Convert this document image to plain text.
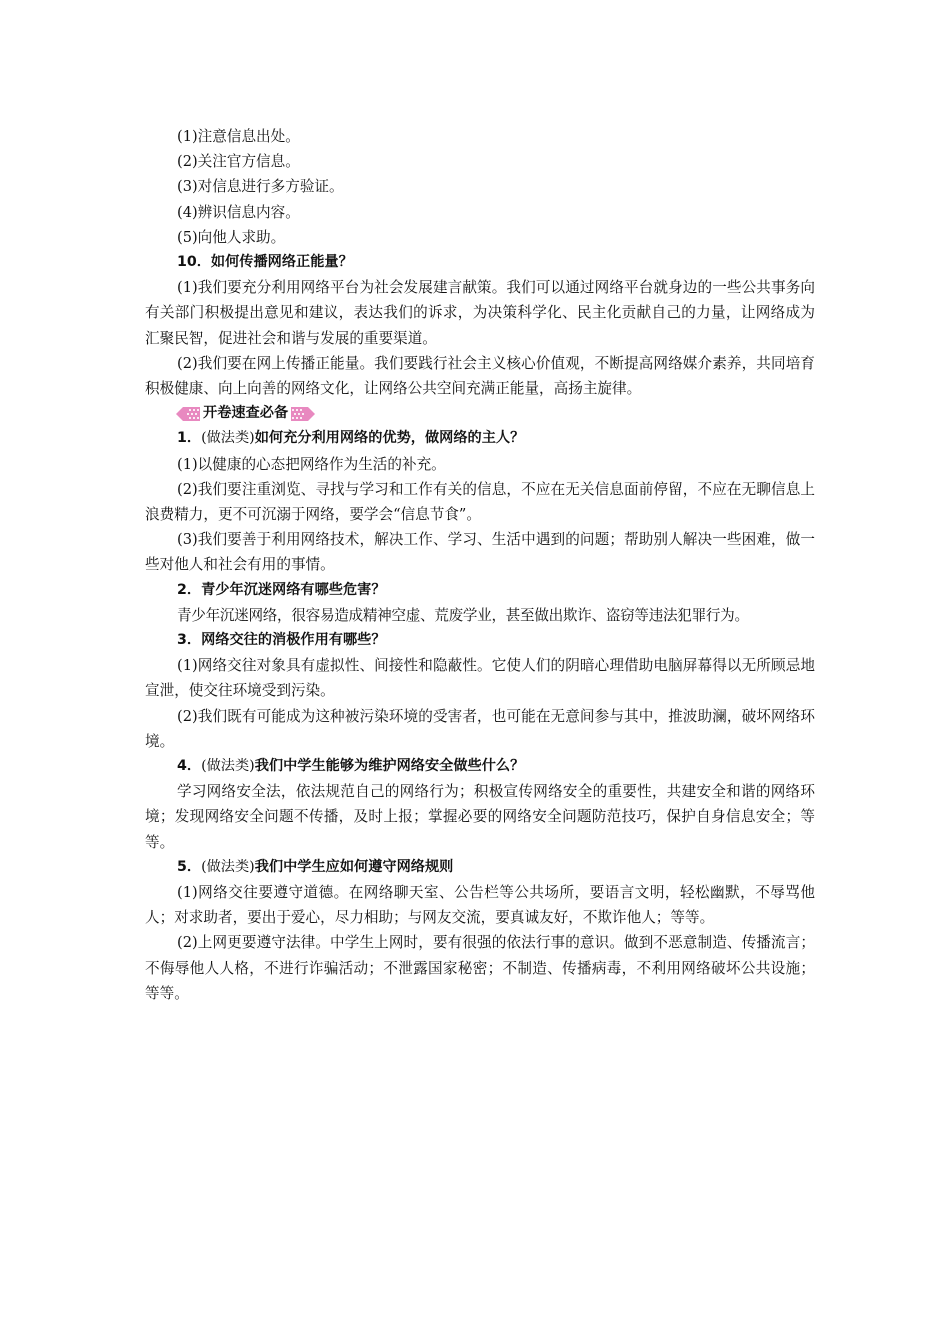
(1)注意信息出处。

(2)关注官方信息。

(3)对信息进行多方验证。

(4)辨识信息内容。

(5)向他人求助。

10．如何传播网络正能量？

(1)我们要充分利用网络平台为社会发展建言献策。我们可以通过网络平台就身边的一些公共事务向有关部门积极提出意见和建议，表达我们的诉求，为决策科学化、民主化贡献自己的力量，让网络成为汇聚民智，促进社会和谐与发展的重要渠道。

(2)我们要在网上传播正能量。我们要践行社会主义核心价值观，不断提高网络媒介素养，共同培育积极健康、向上向善的网络文化，让网络公共空间充满正能量，高扬主旋律。

开卷速查必备

1．(做法类)如何充分利用网络的优势，做网络的主人？

(1)以健康的心态把网络作为生活的补充。

(2)我们要注重浏览、寻找与学习和工作有关的信息，不应在无关信息面前停留，不应在无聊信息上浪费精力，更不可沉溺于网络，要学会“信息节食”。

(3)我们要善于利用网络技术，解决工作、学习、生活中遇到的问题；帮助别人解决一些困难，做一些对他人和社会有用的事情。

2．青少年沉迷网络有哪些危害？

青少年沉迷网络，很容易造成精神空虚、荒废学业，甚至做出欺诈、盗窃等违法犯罪行为。

3．网络交往的消极作用有哪些？

(1)网络交往对象具有虚拟性、间接性和隐蔽性。它使人们的阴暗心理借助电脑屏幕得以无所顾忌地宣泄，使交往环境受到污染。

(2)我们既有可能成为这种被污染环境的受害者，也可能在无意间参与其中，推波助澜，破坏网络环境。

4．(做法类)我们中学生能够为维护网络安全做些什么？

学习网络安全法，依法规范自己的网络行为；积极宣传网络安全的重要性，共建安全和谐的网络环境；发现网络安全问题不传播，及时上报；掌握必要的网络安全问题防范技巧，保护自身信息安全；等等。

5．(做法类)我们中学生应如何遵守网络规则

(1)网络交往要遵守道德。在网络聊天室、公告栏等公共场所，要语言文明，轻松幽默，不辱骂他人；对求助者，要出于爱心，尽力相助；与网友交流，要真诚友好，不欺诈他人；等等。

(2)上网更要遵守法律。中学生上网时，要有很强的依法行事的意识。做到不恶意制造、传播流言；不侮辱他人人格，不进行诈骗活动；不泄露国家秘密；不制造、传播病毒，不利用网络破坏公共设施；等等。
